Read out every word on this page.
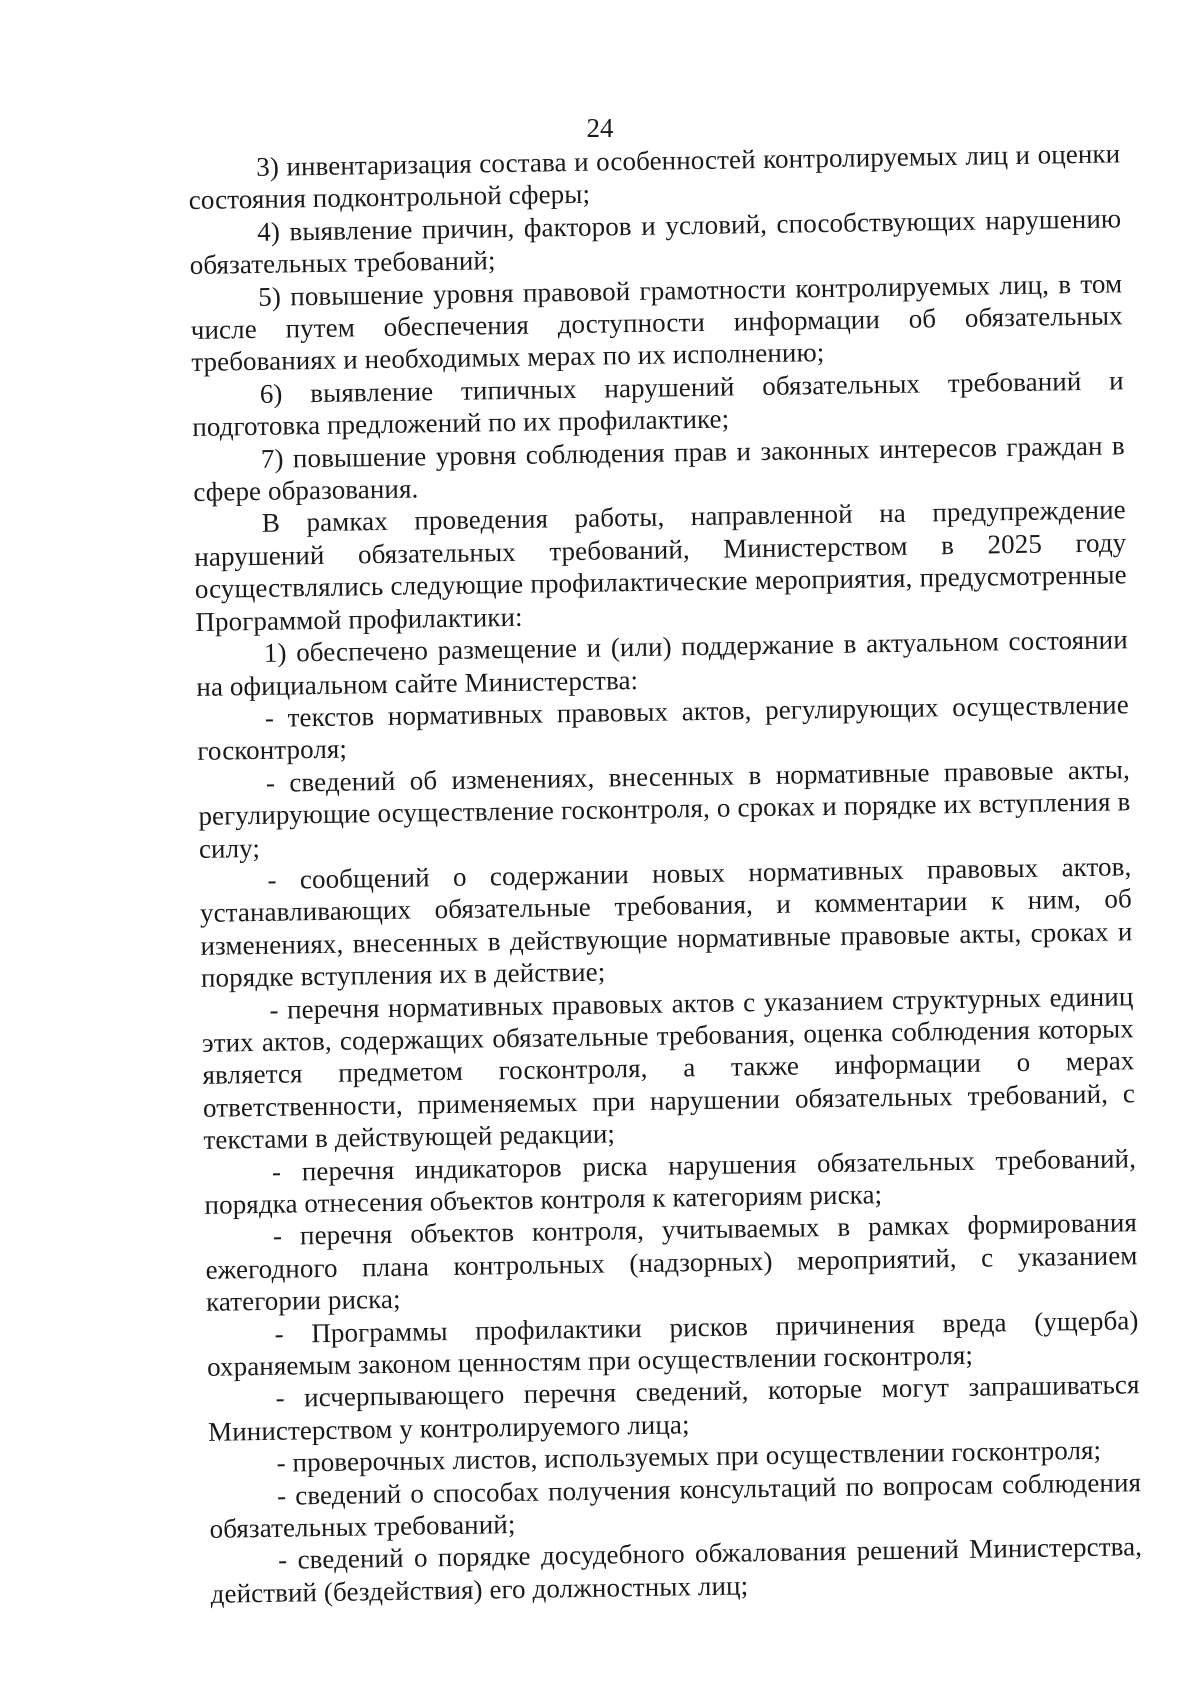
24

3) инвентаризация состава и особенностей контролируемых лиц и оценки состояния подконтрольной сферы;

4) выявление причин, факторов и условий, способствующих нарушению обязательных требований;

5) повышение уровня правовой грамотности контролируемых лиц, в том числе путем обеспечения доступности информации об обязательных требованиях и необходимых мерах по их исполнению;

6) выявление типичных нарушений обязательных требований и подготовка предложений по их профилактике;

7) повышение уровня соблюдения прав и законных интересов граждан в сфере образования.

В рамках проведения работы, направленной на предупреждение нарушений обязательных требований, Министерством в 2025 году осуществлялись следующие профилактические мероприятия, предусмотренные Программой профилактики:

1) обеспечено размещение и (или) поддержание в актуальном состоянии на официальном сайте Министерства:

- текстов нормативных правовых актов, регулирующих осуществление госконтроля;

- сведений об изменениях, внесенных в нормативные правовые акты, регулирующие осуществление госконтроля, о сроках и порядке их вступления в силу;

- сообщений о содержании новых нормативных правовых актов, устанавливающих обязательные требования, и комментарии к ним, об изменениях, внесенных в действующие нормативные правовые акты, сроках и порядке вступления их в действие;

- перечня нормативных правовых актов с указанием структурных единиц этих актов, содержащих обязательные требования, оценка соблюдения которых является предметом госконтроля, а также информации о мерах ответственности, применяемых при нарушении обязательных требований, с текстами в действующей редакции;

- перечня индикаторов риска нарушения обязательных требований, порядка отнесения объектов контроля к категориям риска;

- перечня объектов контроля, учитываемых в рамках формирования ежегодного плана контрольных (надзорных) мероприятий, с указанием категории риска;

- Программы профилактики рисков причинения вреда (ущерба) охраняемым законом ценностям при осуществлении госконтроля;

- исчерпывающего перечня сведений, которые могут запрашиваться Министерством у контролируемого лица;

- проверочных листов, используемых при осуществлении госконтроля;

- сведений о способах получения консультаций по вопросам соблюдения обязательных требований;

- сведений о порядке досудебного обжалования решений Министерства, действий (бездействия) его должностных лиц;
